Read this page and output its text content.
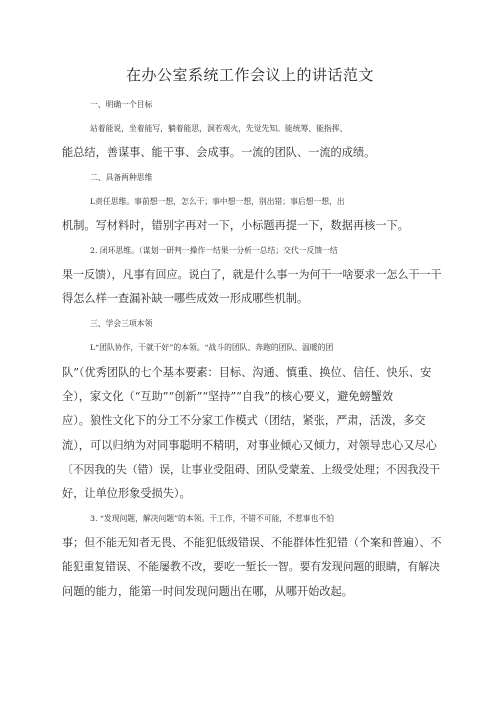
在办公室系统工作会议上的讲话范文
一、明确一个目标
站着能说，坐着能写，躺着能思，洞若观火，先觉先知。能统筹、能指挥、
能总结，善谋事、能干事、会成事。一流的团队、一流的成绩。
二、具备两种思维
L责任思维。事前想一想，怎么干；事中想一想，别出错；事后想一想，出
机制。写材料时，错别字再对一下，小标题再提一下，数据再核一下。
2. 闭环思维。（谋划一研判一操作一结果一分析一总结；交代一反馈一结
果一反馈），凡事有回应。说白了，就是什么事一为何干一啥要求一怎么干一干
得怎么样一查漏补缺一哪些成效一形成哪些机制。
三、学会三项本领
L“团队协作，干就干好”的本领。“战斗的团队、奔跑的团队、温暖的团
队”（优秀团队的七个基本要素：目标、沟通、慎重、换位、信任、快乐、安
全），家文化（“互助”“创新”“坚持”“自我”的核心要义，避免螃蟹效
应）。狼性文化下的分工不分家工作模式（团结，紧张，严肃，活泼，多交
流），可以归纳为对同事聪明不精明，对事业倾心又倾力，对领导忠心又尽心
〔不因我的失（错）误，让事业受阻碍、团队受蒙羞、上级受处理；不因我没干
好，让单位形象受损失）。
3. “发现问题，解决问题”的本领。干工作，不错不可能，不惹事也不怕
事；但不能无知者无畏、不能犯低级错误、不能群体性犯错（个案和普遍）、不
能犯重复错误、不能屡教不改，要吃一堑长一智。要有发现问题的眼睛，有解决
问题的能力，能第一时间发现问题出在哪，从哪开始改起。
